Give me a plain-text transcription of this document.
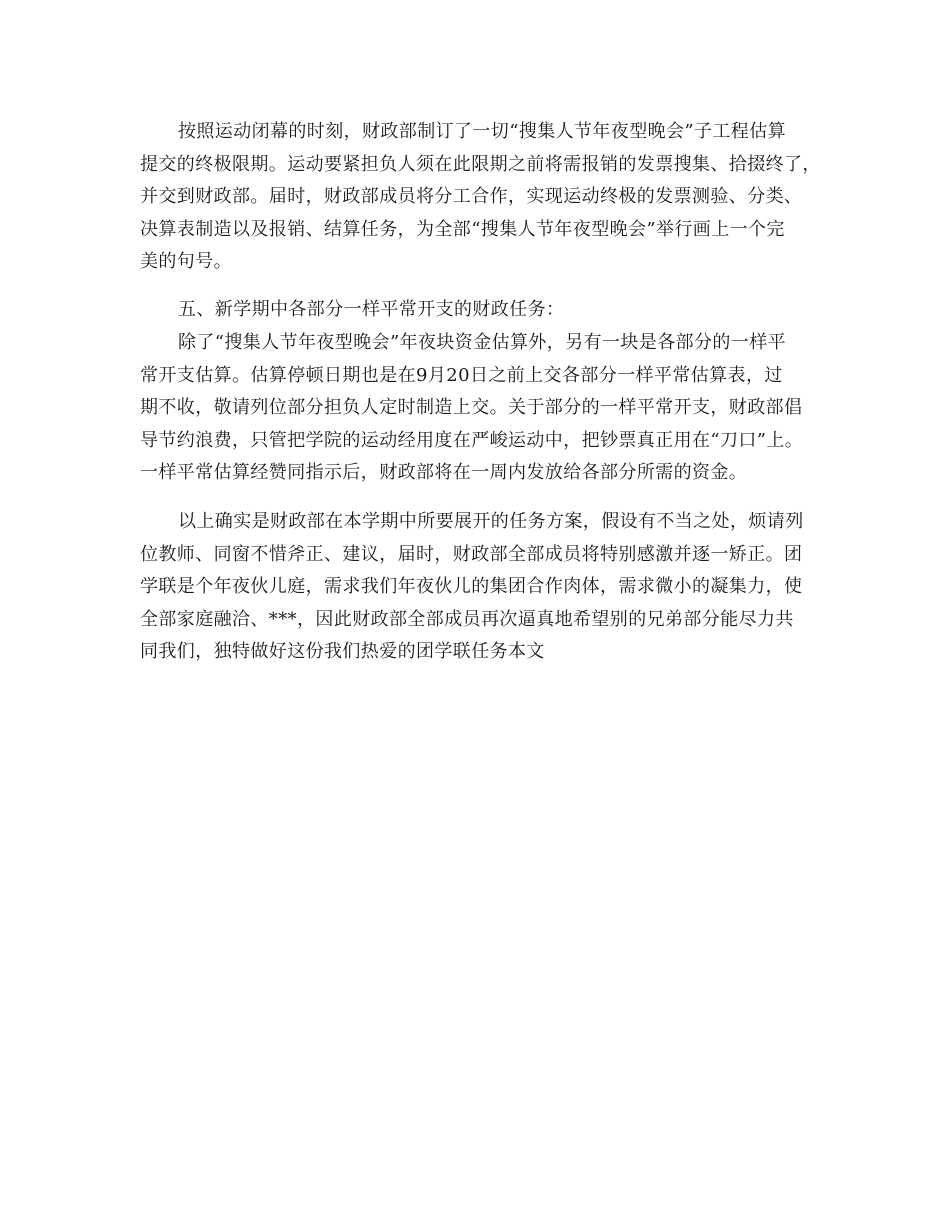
按照运动闭幕的时刻，财政部制订了一切“搜集人节年夜型晚会”子工程估算
提交的终极限期。运动要紧担负人须在此限期之前将需报销的发票搜集、拾掇终了，
并交到财政部。届时，财政部成员将分工合作，实现运动终极的发票测验、分类、
决算表制造以及报销、结算任务，为全部“搜集人节年夜型晚会”举行画上一个完
美的句号。
五、新学期中各部分一样平常开支的财政任务：
除了“搜集人节年夜型晚会”年夜块资金估算外，另有一块是各部分的一样平
常开支估算。估算停顿日期也是在9月20日之前上交各部分一样平常估算表，过
期不收，敬请列位部分担负人定时制造上交。关于部分的一样平常开支，财政部倡
导节约浪费，只管把学院的运动经用度在严峻运动中，把钞票真正用在“刀口”上。
一样平常估算经赞同指示后，财政部将在一周内发放给各部分所需的资金。
以上确实是财政部在本学期中所要展开的任务方案，假设有不当之处，烦请列
位教师、同窗不惜斧正、建议，届时，财政部全部成员将特别感激并逐一矫正。团
学联是个年夜伙儿庭，需求我们年夜伙儿的集团合作肉体，需求微小的凝集力，使
全部家庭融洽、***，因此财政部全部成员再次逼真地希望别的兄弟部分能尽力共
同我们，独特做好这份我们热爱的团学联任务本文
